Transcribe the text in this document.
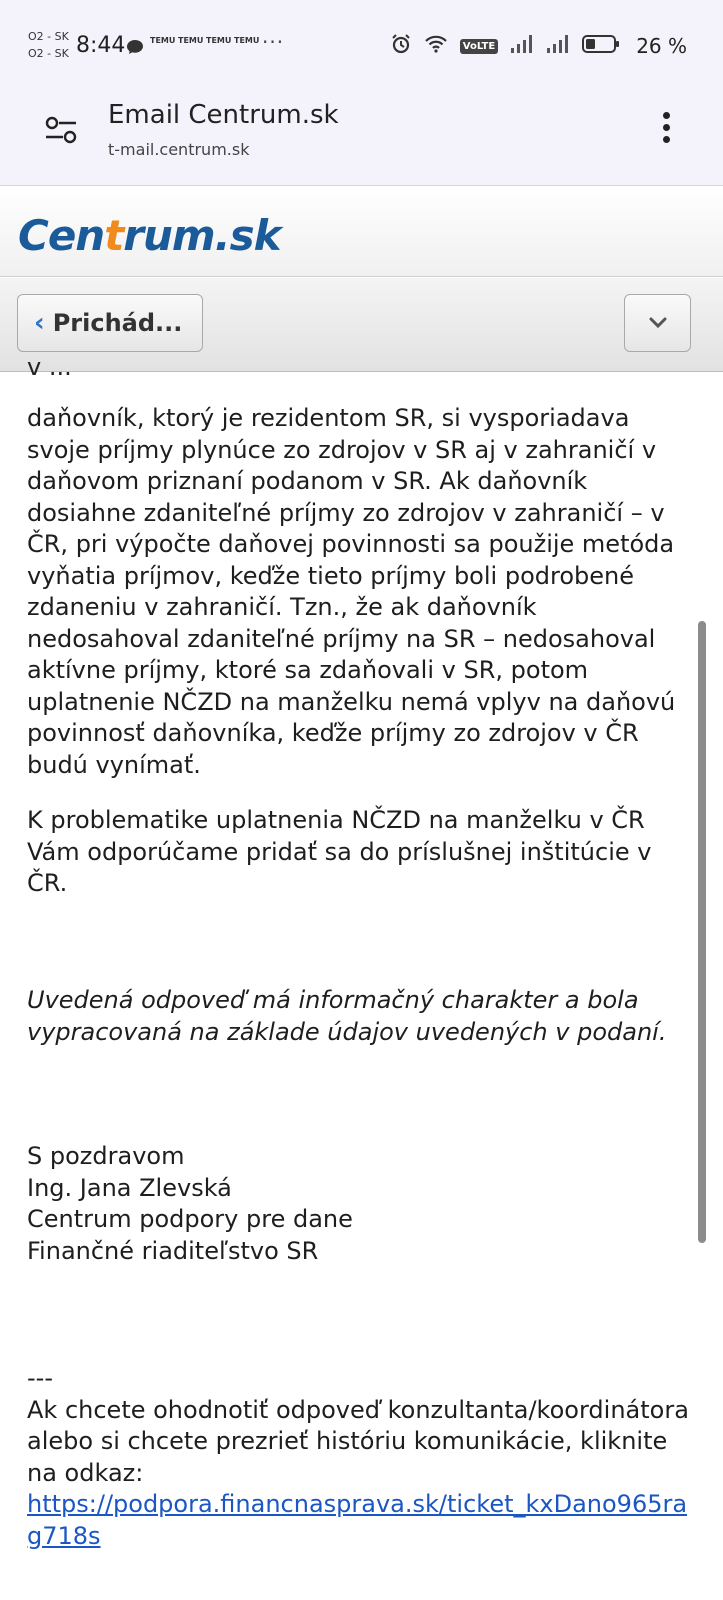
O2 - SK
O2 - SK 8:44	TEMU TEMU TEMU TEMU ···	VoLTE	26 %
Email Centrum.sk
t-mail.centrum.sk
Centrum.sk
‹ Prichád...
v ...
daňovník, ktorý je rezidentom SR, si vysporiadava svoje príjmy plynúce zo zdrojov v SR aj v zahraničí v daňovom priznaní podanom v SR. Ak daňovník dosiahne zdaniteľné príjmy zo zdrojov v zahraničí – v ČR, pri výpočte daňovej povinnosti sa použije metóda vyňatia príjmov, keďže tieto príjmy boli podrobené zdaneniu v zahraničí. Tzn., že ak daňovník nedosahoval zdaniteľné príjmy na SR – nedosahoval aktívne príjmy, ktoré sa zdaňovali v SR, potom uplatnenie NČZD na manželku nemá vplyv na daňovú povinnosť daňovníka, keďže príjmy zo zdrojov v ČR budú vynímať.
K problematike uplatnenia NČZD na manželku v ČR Vám odporúčame pridať sa do príslušnej inštitúcie v ČR.
Uvedená odpoveď má informačný charakter a bola vypracovaná na základe údajov uvedených v podaní.
S pozdravom
Ing. Jana Zlevská
Centrum podpory pre dane
Finančné riaditeľstvo SR
---
Ak chcete ohodnotiť odpoveď konzultanta/koordinátora alebo si chcete prezrieť históriu komunikácie, kliknite na odkaz:
https://podpora.financnasprava.sk/ticket_kxDano965rag718s
